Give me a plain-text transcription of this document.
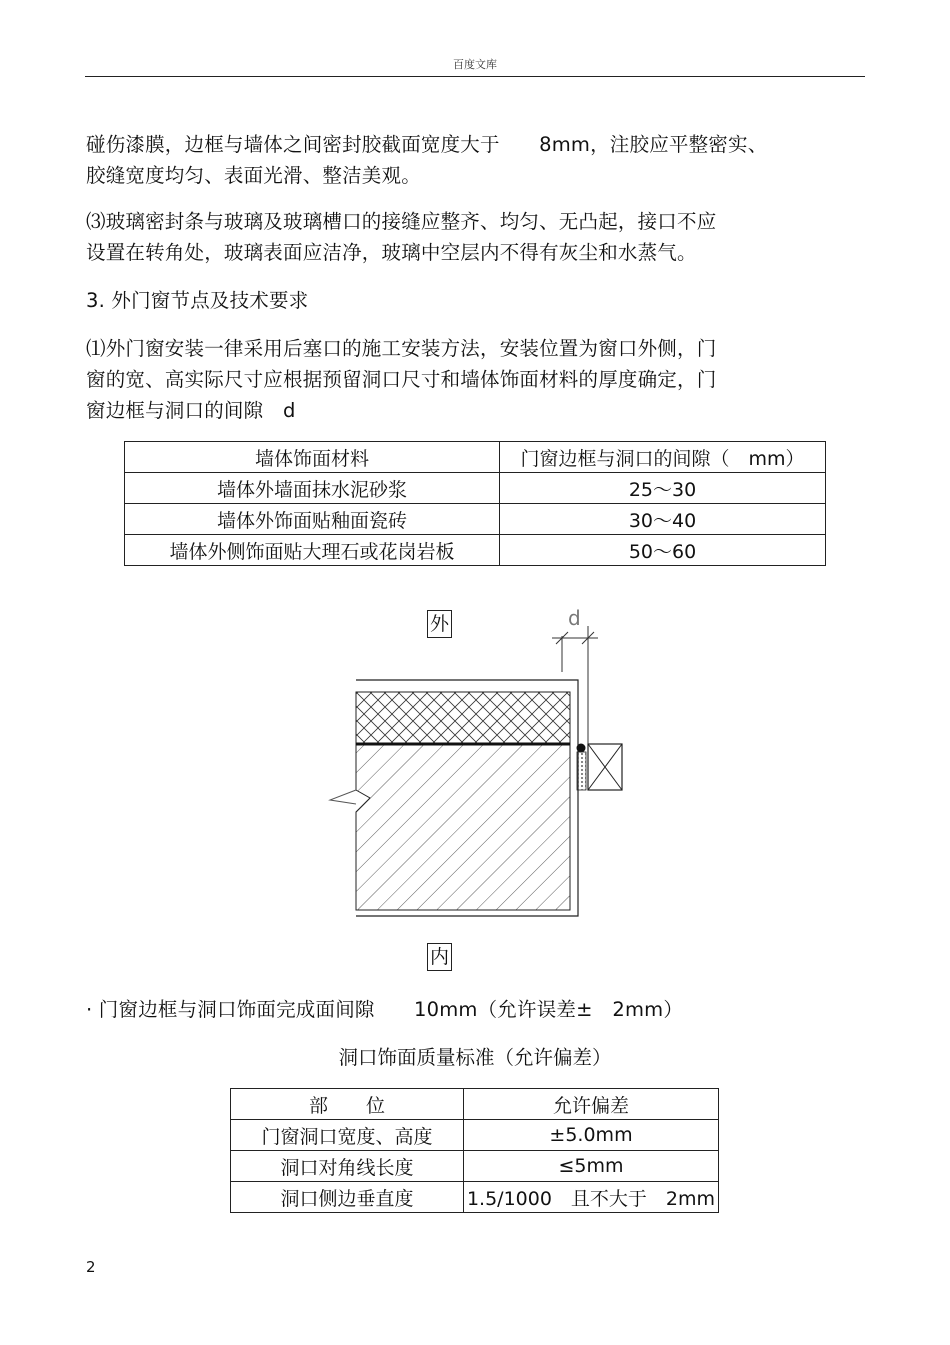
百度文库
碰伤漆膜，边框与墙体之间密封胶截面宽度大于　　8mm，注胶应平整密实、
胶缝宽度均匀、表面光滑、整洁美观。
⑶玻璃密封条与玻璃及玻璃槽口的接缝应整齐、均匀、无凸起，接口不应
设置在转角处，玻璃表面应洁净，玻璃中空层内不得有灰尘和水蒸气。
3. 外门窗节点及技术要求
⑴外门窗安装一律采用后塞口的施工安装方法，安装位置为窗口外侧，门
窗的宽、高实际尺寸应根据预留洞口尺寸和墙体饰面材料的厚度确定，门
窗边框与洞口的间隙　d
墙体饰面材料	门窗边框与洞口的间隙（　mm）
墙体外墙面抹水泥砂浆	25～30
墙体外饰面贴釉面瓷砖	30～40
墙体外侧饰面贴大理石或花岗岩板	50～60
外
内
d
· 门窗边框与洞口饰面完成面间隙　　10mm（允许误差±　2mm）
洞口饰面质量标准（允许偏差）
部　　位	允许偏差
门窗洞口宽度、高度	±5.0mm
洞口对角线长度	≤5mm
洞口侧边垂直度	1.5/1000　且不大于　2mm
2
